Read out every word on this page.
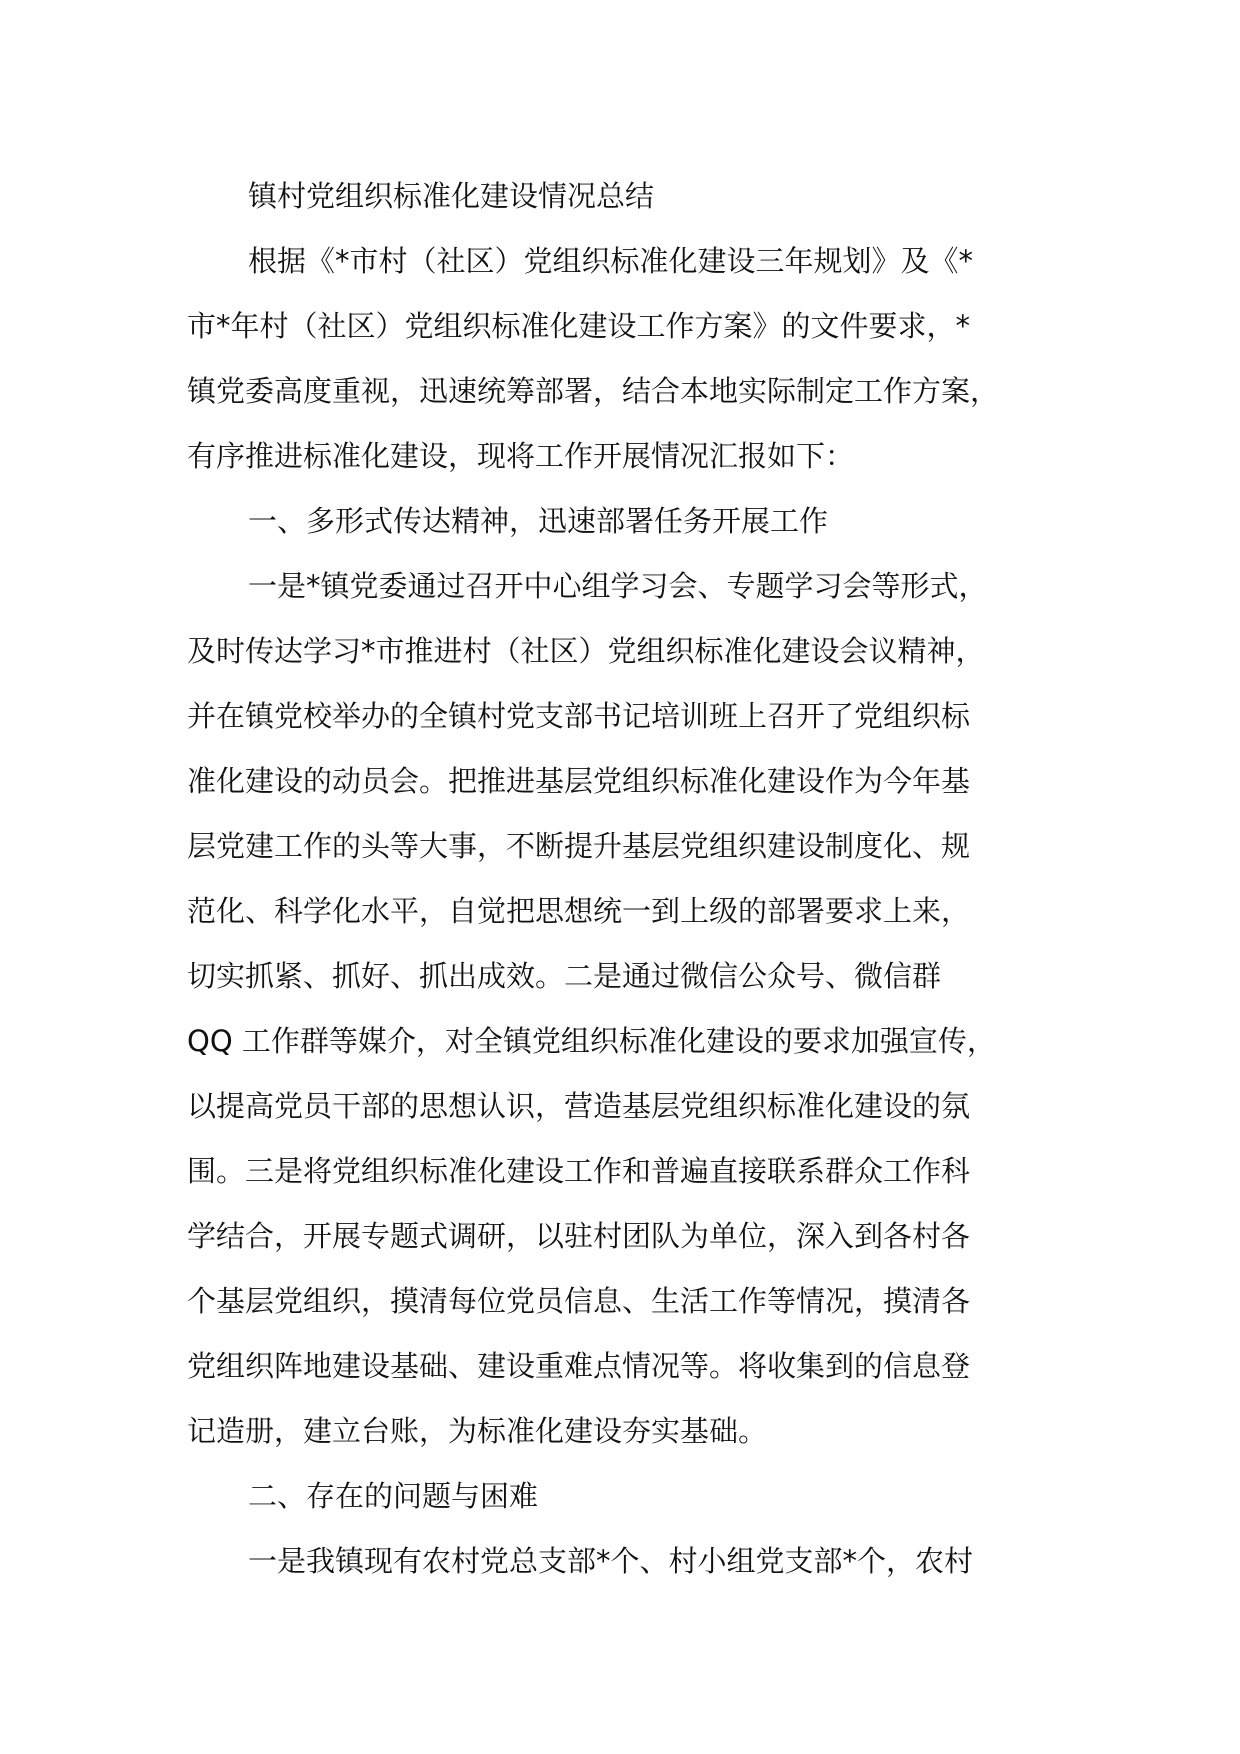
镇村党组织标准化建设情况总结
根据《*市村（社区）党组织标准化建设三年规划》及《*
市*年村（社区）党组织标准化建设工作方案》的文件要求，*
镇党委高度重视，迅速统筹部署，结合本地实际制定工作方案，
有序推进标准化建设，现将工作开展情况汇报如下：
一、多形式传达精神，迅速部署任务开展工作
一是*镇党委通过召开中心组学习会、专题学习会等形式，
及时传达学习*市推进村（社区）党组织标准化建设会议精神，
并在镇党校举办的全镇村党支部书记培训班上召开了党组织标
准化建设的动员会。把推进基层党组织标准化建设作为今年基
层党建工作的头等大事，不断提升基层党组织建设制度化、规
范化、科学化水平，自觉把思想统一到上级的部署要求上来，
切实抓紧、抓好、抓出成效。二是通过微信公众号、微信群
QQ 工作群等媒介，对全镇党组织标准化建设的要求加强宣传，
以提高党员干部的思想认识，营造基层党组织标准化建设的氛
围。三是将党组织标准化建设工作和普遍直接联系群众工作科
学结合，开展专题式调研，以驻村团队为单位，深入到各村各
个基层党组织，摸清每位党员信息、生活工作等情况，摸清各
党组织阵地建设基础、建设重难点情况等。将收集到的信息登
记造册，建立台账，为标准化建设夯实基础。
二、存在的问题与困难
一是我镇现有农村党总支部*个、村小组党支部*个，农村
